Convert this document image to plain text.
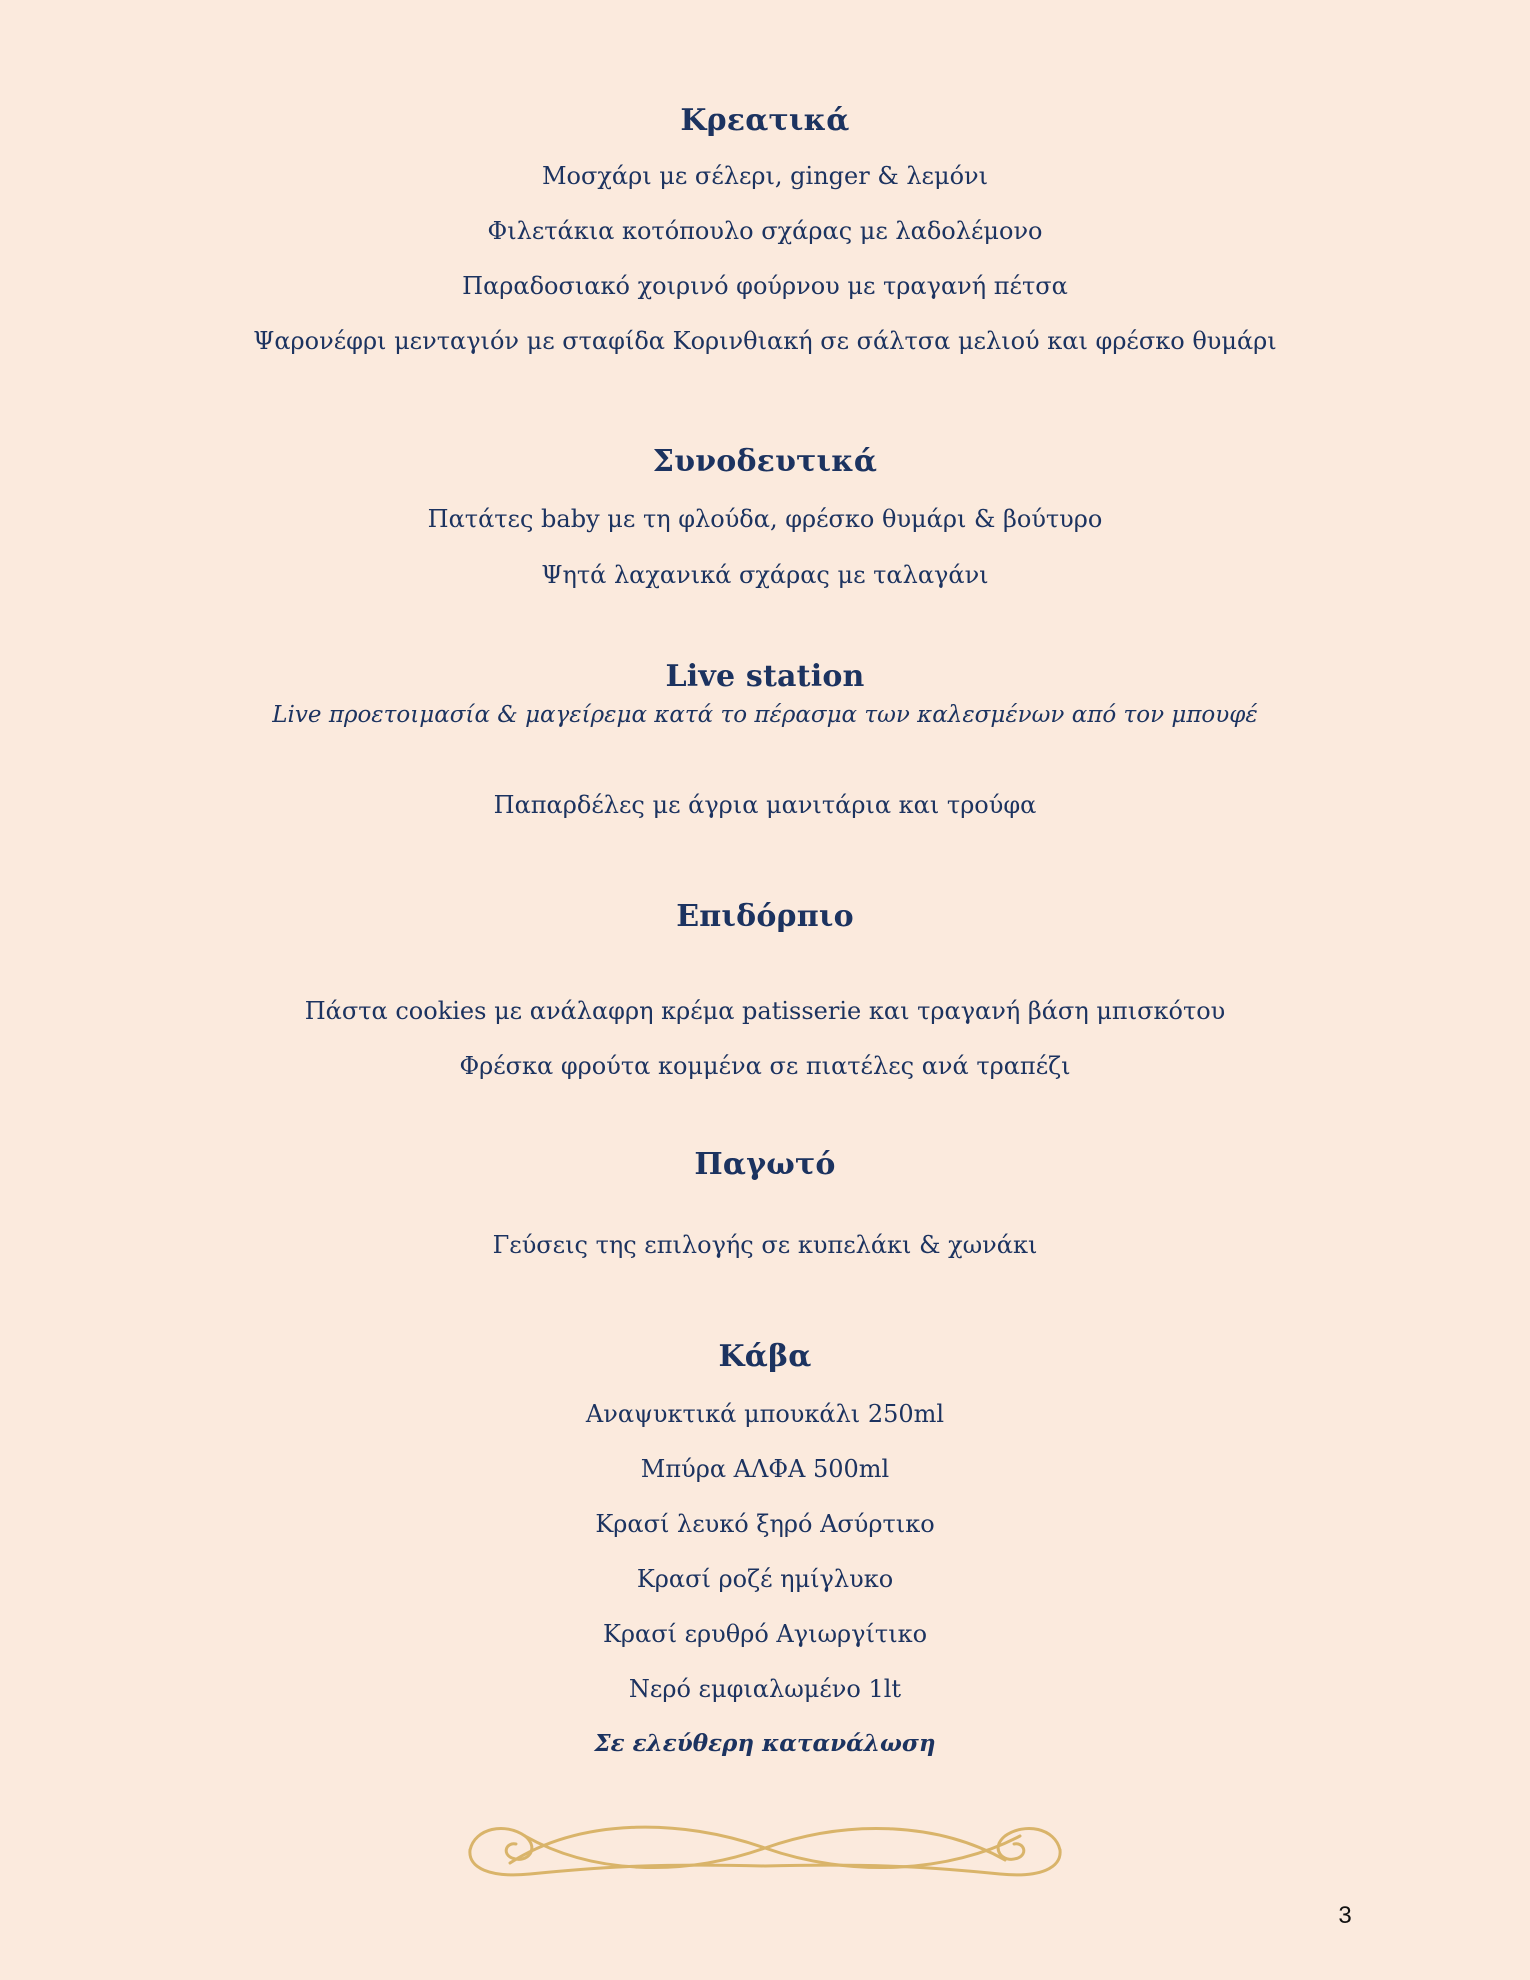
Κρεατικά
Μοσχάρι με σέλερι, ginger & λεμόνι
Φιλετάκια κοτόπουλο σχάρας με λαδολέμονο
Παραδοσιακό χοιρινό φούρνου με τραγανή πέτσα
Ψαρονέφρι μενταγιόν με σταφίδα Κορινθιακή σε σάλτσα μελιού και φρέσκο θυμάρι
Συνοδευτικά
Πατάτες baby με τη φλούδα, φρέσκο θυμάρι & βούτυρο
Ψητά λαχανικά σχάρας με ταλαγάνι
Live station
Live προετοιμασία & μαγείρεμα κατά το πέρασμα των καλεσμένων από τον μπουφέ
Παπαρδέλες με άγρια μανιτάρια και τρούφα
Επιδόρπιο
Πάστα cookies με ανάλαφρη κρέμα patisserie και τραγανή βάση μπισκότου
Φρέσκα φρούτα κομμένα σε πιατέλες ανά τραπέζι
Παγωτό
Γεύσεις της επιλογής σε κυπελάκι & χωνάκι
Κάβα
Αναψυκτικά μπουκάλι 250ml
Μπύρα ΑΛΦΑ 500ml
Κρασί λευκό ξηρό Ασύρτικο
Κρασί ροζέ ημίγλυκο
Κρασί ερυθρό Αγιωργίτικο
Νερό εμφιαλωμένο 1lt
Σε ελεύθερη κατανάλωση
3
